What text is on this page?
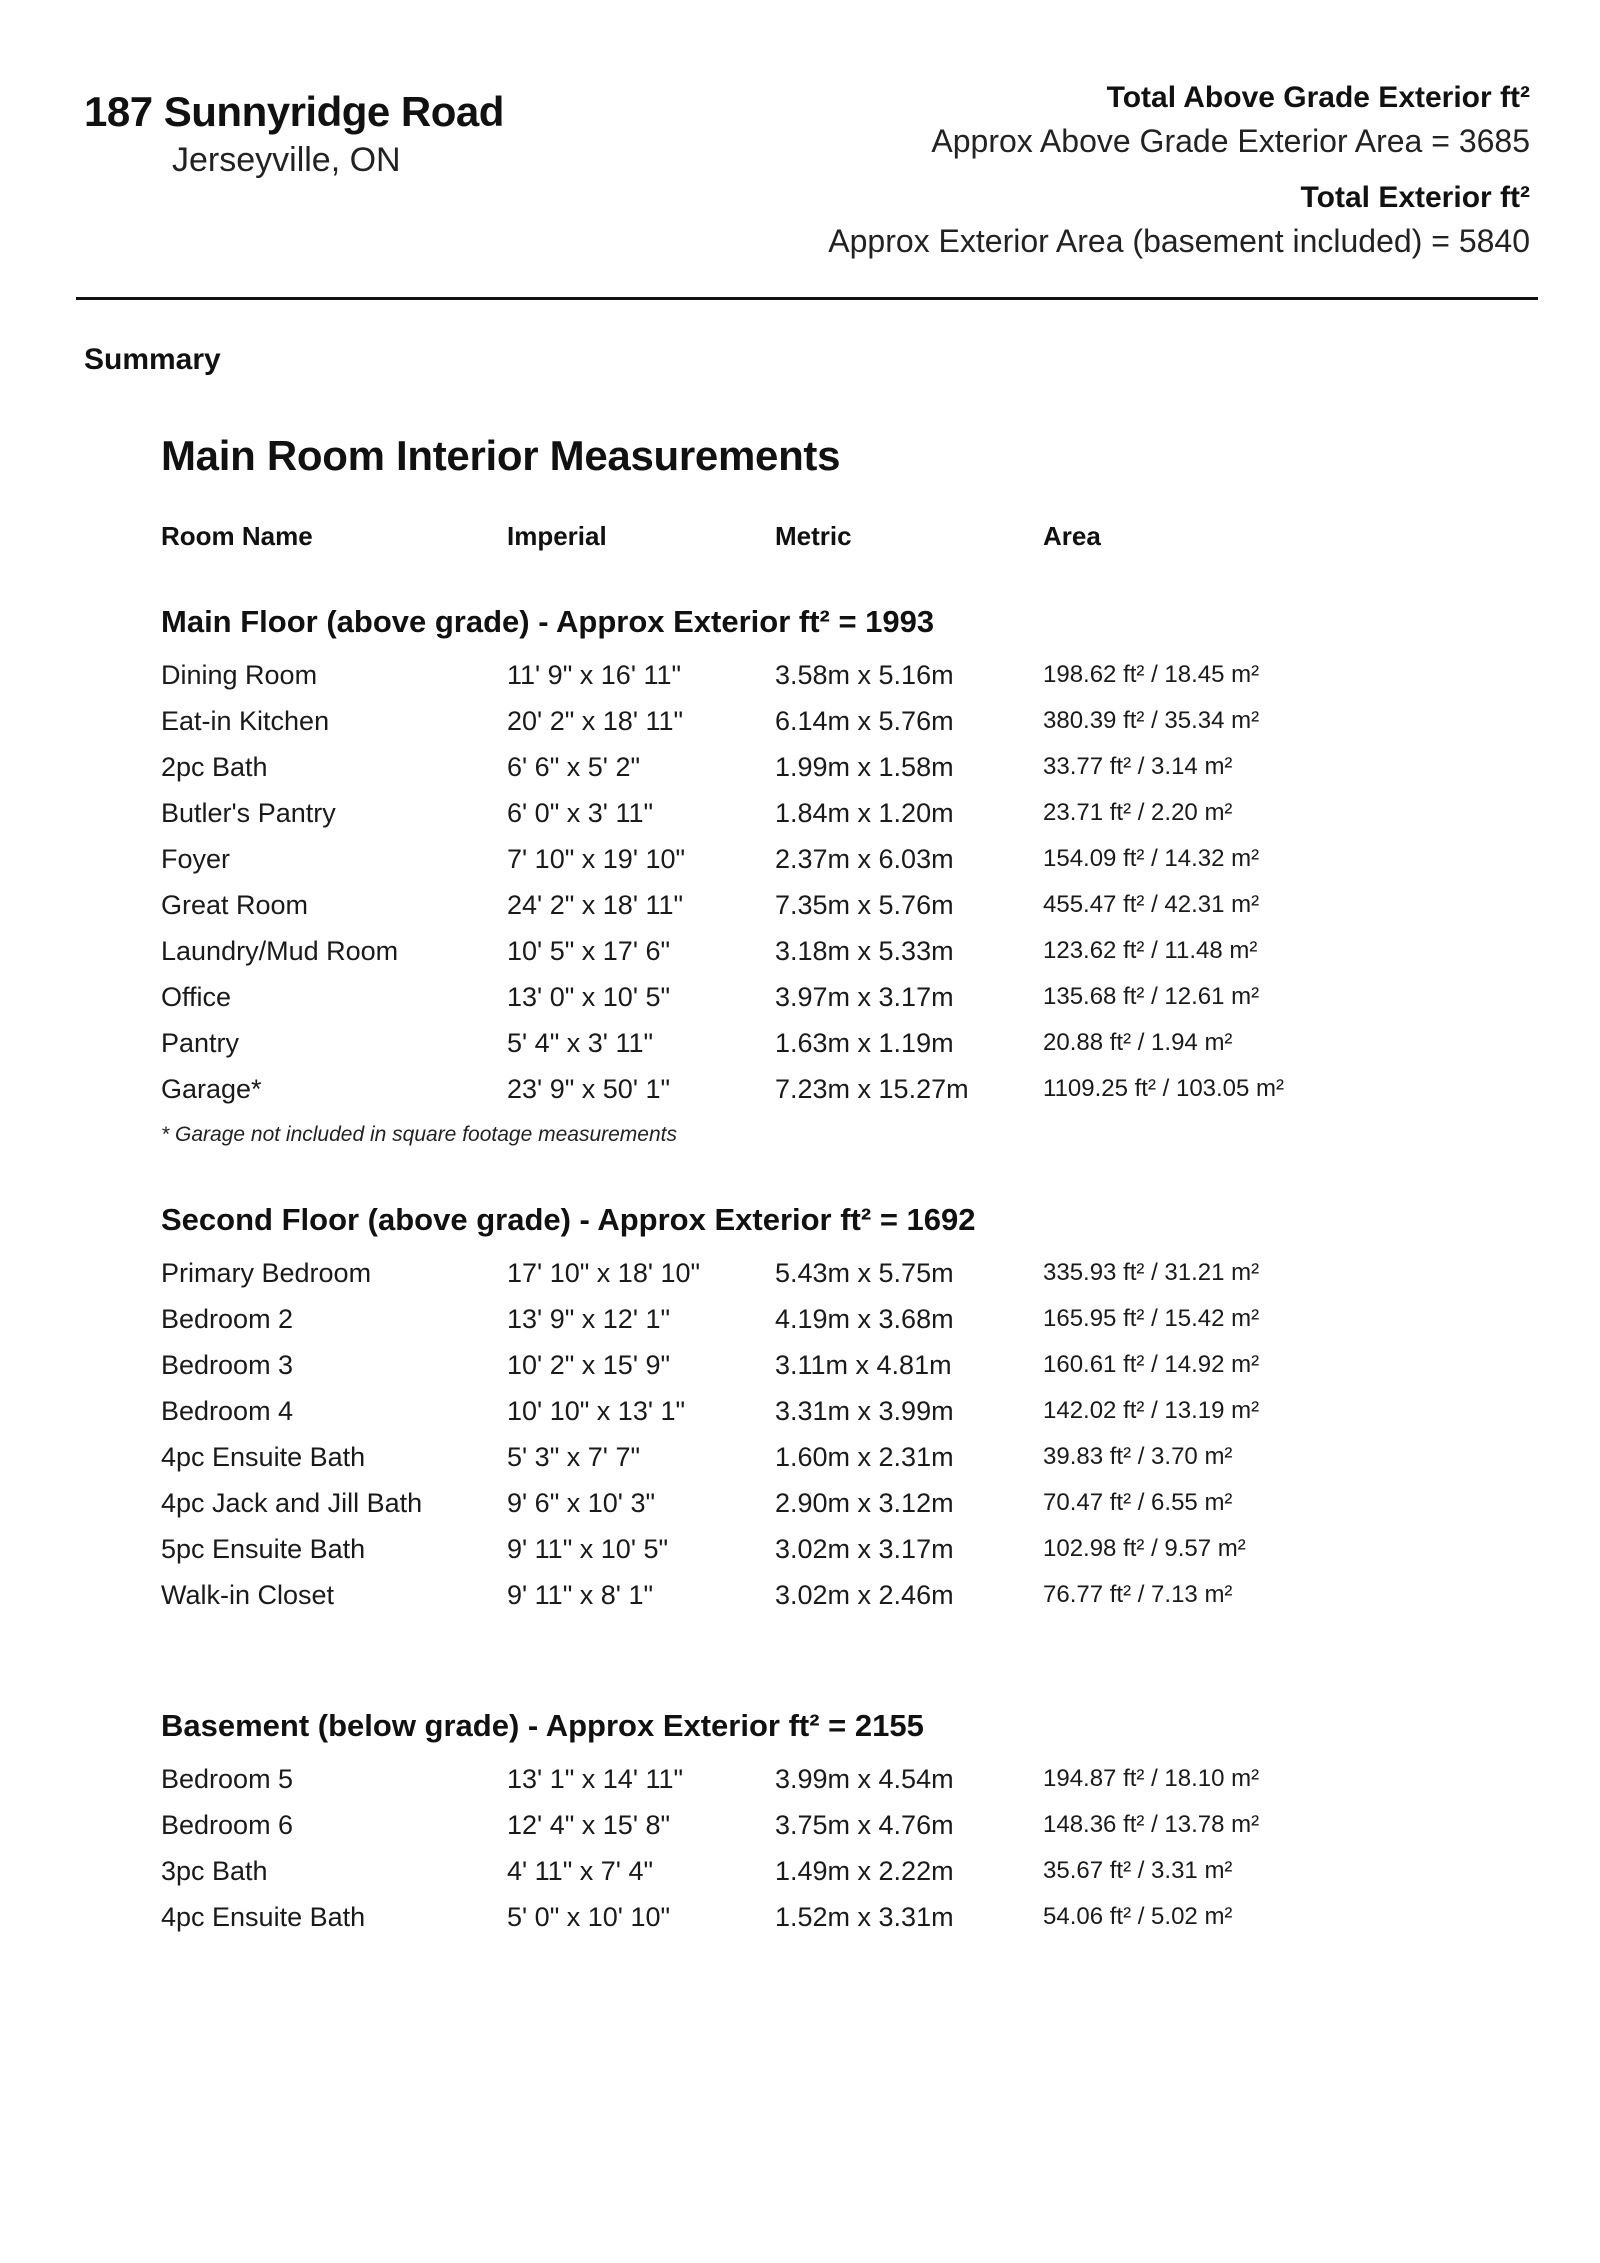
187 Sunnyridge Road
Jerseyville, ON
Total Above Grade Exterior ft²
Approx Above Grade Exterior Area = 3685
Total Exterior ft²
Approx Exterior Area (basement included) = 5840
Summary
Main Room Interior Measurements
Room Name	Imperial	Metric	Area
Main Floor (above grade) - Approx Exterior ft² = 1993
Dining Room	11' 9" x 16' 11"	3.58m x 5.16m	198.62 ft² / 18.45 m²
Eat-in Kitchen	20' 2" x 18' 11"	6.14m x 5.76m	380.39 ft² / 35.34 m²
2pc Bath	6' 6" x 5' 2"	1.99m x 1.58m	33.77 ft² / 3.14 m²
Butler's Pantry	6' 0" x 3' 11"	1.84m x 1.20m	23.71 ft² / 2.20 m²
Foyer	7' 10" x 19' 10"	2.37m x 6.03m	154.09 ft² / 14.32 m²
Great Room	24' 2" x 18' 11"	7.35m x 5.76m	455.47 ft² / 42.31 m²
Laundry/Mud Room	10' 5" x 17' 6"	3.18m x 5.33m	123.62 ft² / 11.48 m²
Office	13' 0" x 10' 5"	3.97m x 3.17m	135.68 ft² / 12.61 m²
Pantry	5' 4" x 3' 11"	1.63m x 1.19m	20.88 ft² / 1.94 m²
Garage*	23' 9" x 50' 1"	7.23m x 15.27m	1109.25 ft² / 103.05 m²
Second Floor (above grade) - Approx Exterior ft² = 1692
Primary Bedroom	17' 10" x 18' 10"	5.43m x 5.75m	335.93 ft² / 31.21 m²
Bedroom 2	13' 9" x 12' 1"	4.19m x 3.68m	165.95 ft² / 15.42 m²
Bedroom 3	10' 2" x 15' 9"	3.11m x 4.81m	160.61 ft² / 14.92 m²
Bedroom 4	10' 10" x 13' 1"	3.31m x 3.99m	142.02 ft² / 13.19 m²
4pc Ensuite Bath	5' 3" x 7' 7"	1.60m x 2.31m	39.83 ft² / 3.70 m²
4pc Jack and Jill Bath	9' 6" x 10' 3"	2.90m x 3.12m	70.47 ft² / 6.55 m²
5pc Ensuite Bath	9' 11" x 10' 5"	3.02m x 3.17m	102.98 ft² / 9.57 m²
Walk-in Closet	9' 11" x 8' 1"	3.02m x 2.46m	76.77 ft² / 7.13 m²
Basement (below grade) - Approx Exterior ft² = 2155
Bedroom 5	13' 1" x 14' 11"	3.99m x 4.54m	194.87 ft² / 18.10 m²
Bedroom 6	12' 4" x 15' 8"	3.75m x 4.76m	148.36 ft² / 13.78 m²
3pc Bath	4' 11" x 7' 4"	1.49m x 2.22m	35.67 ft² / 3.31 m²
4pc Ensuite Bath	5' 0" x 10' 10"	1.52m x 3.31m	54.06 ft² / 5.02 m²
* Garage not included in square footage measurements
